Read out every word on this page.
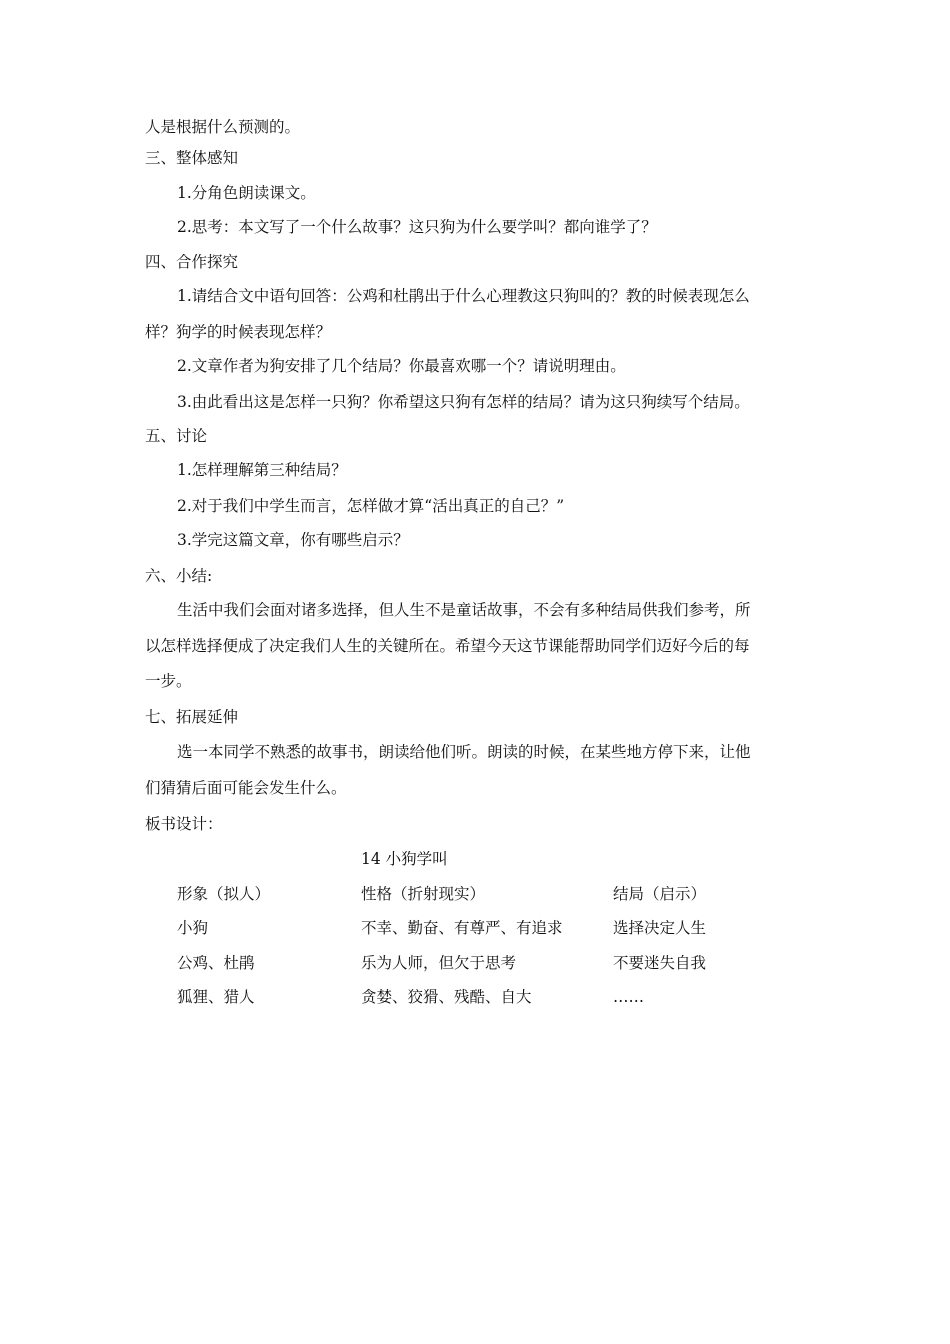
人是根据什么预测的。
三、整体感知
1.分角色朗读课文。
2.思考：本文写了一个什么故事？这只狗为什么要学叫？都向谁学了？
四、合作探究
1.请结合文中语句回答：公鸡和杜鹃出于什么心理教这只狗叫的？教的时候表现怎么
样？狗学的时候表现怎样？
2.文章作者为狗安排了几个结局？你最喜欢哪一个？请说明理由。
3.由此看出这是怎样一只狗？你希望这只狗有怎样的结局？请为这只狗续写个结局。
五、讨论
1.怎样理解第三种结局？
2.对于我们中学生而言，怎样做才算“活出真正的自己？”
3.学完这篇文章，你有哪些启示？
六、小结:
生活中我们会面对诸多选择，但人生不是童话故事，不会有多种结局供我们参考，所
以怎样选择便成了决定我们人生的关键所在。希望今天这节课能帮助同学们迈好今后的每
一步。
七、拓展延伸
选一本同学不熟悉的故事书，朗读给他们听。朗读的时候，在某些地方停下来，让他
们猜猜后面可能会发生什么。
板书设计：
14 小狗学叫
形象（拟人）	性格（折射现实）	结局（启示）
小狗	不幸、勤奋、有尊严、有追求	选择决定人生
公鸡、杜鹃	乐为人师，但欠于思考	不要迷失自我
狐狸、猎人	贪婪、狡猾、残酷、自大	……
